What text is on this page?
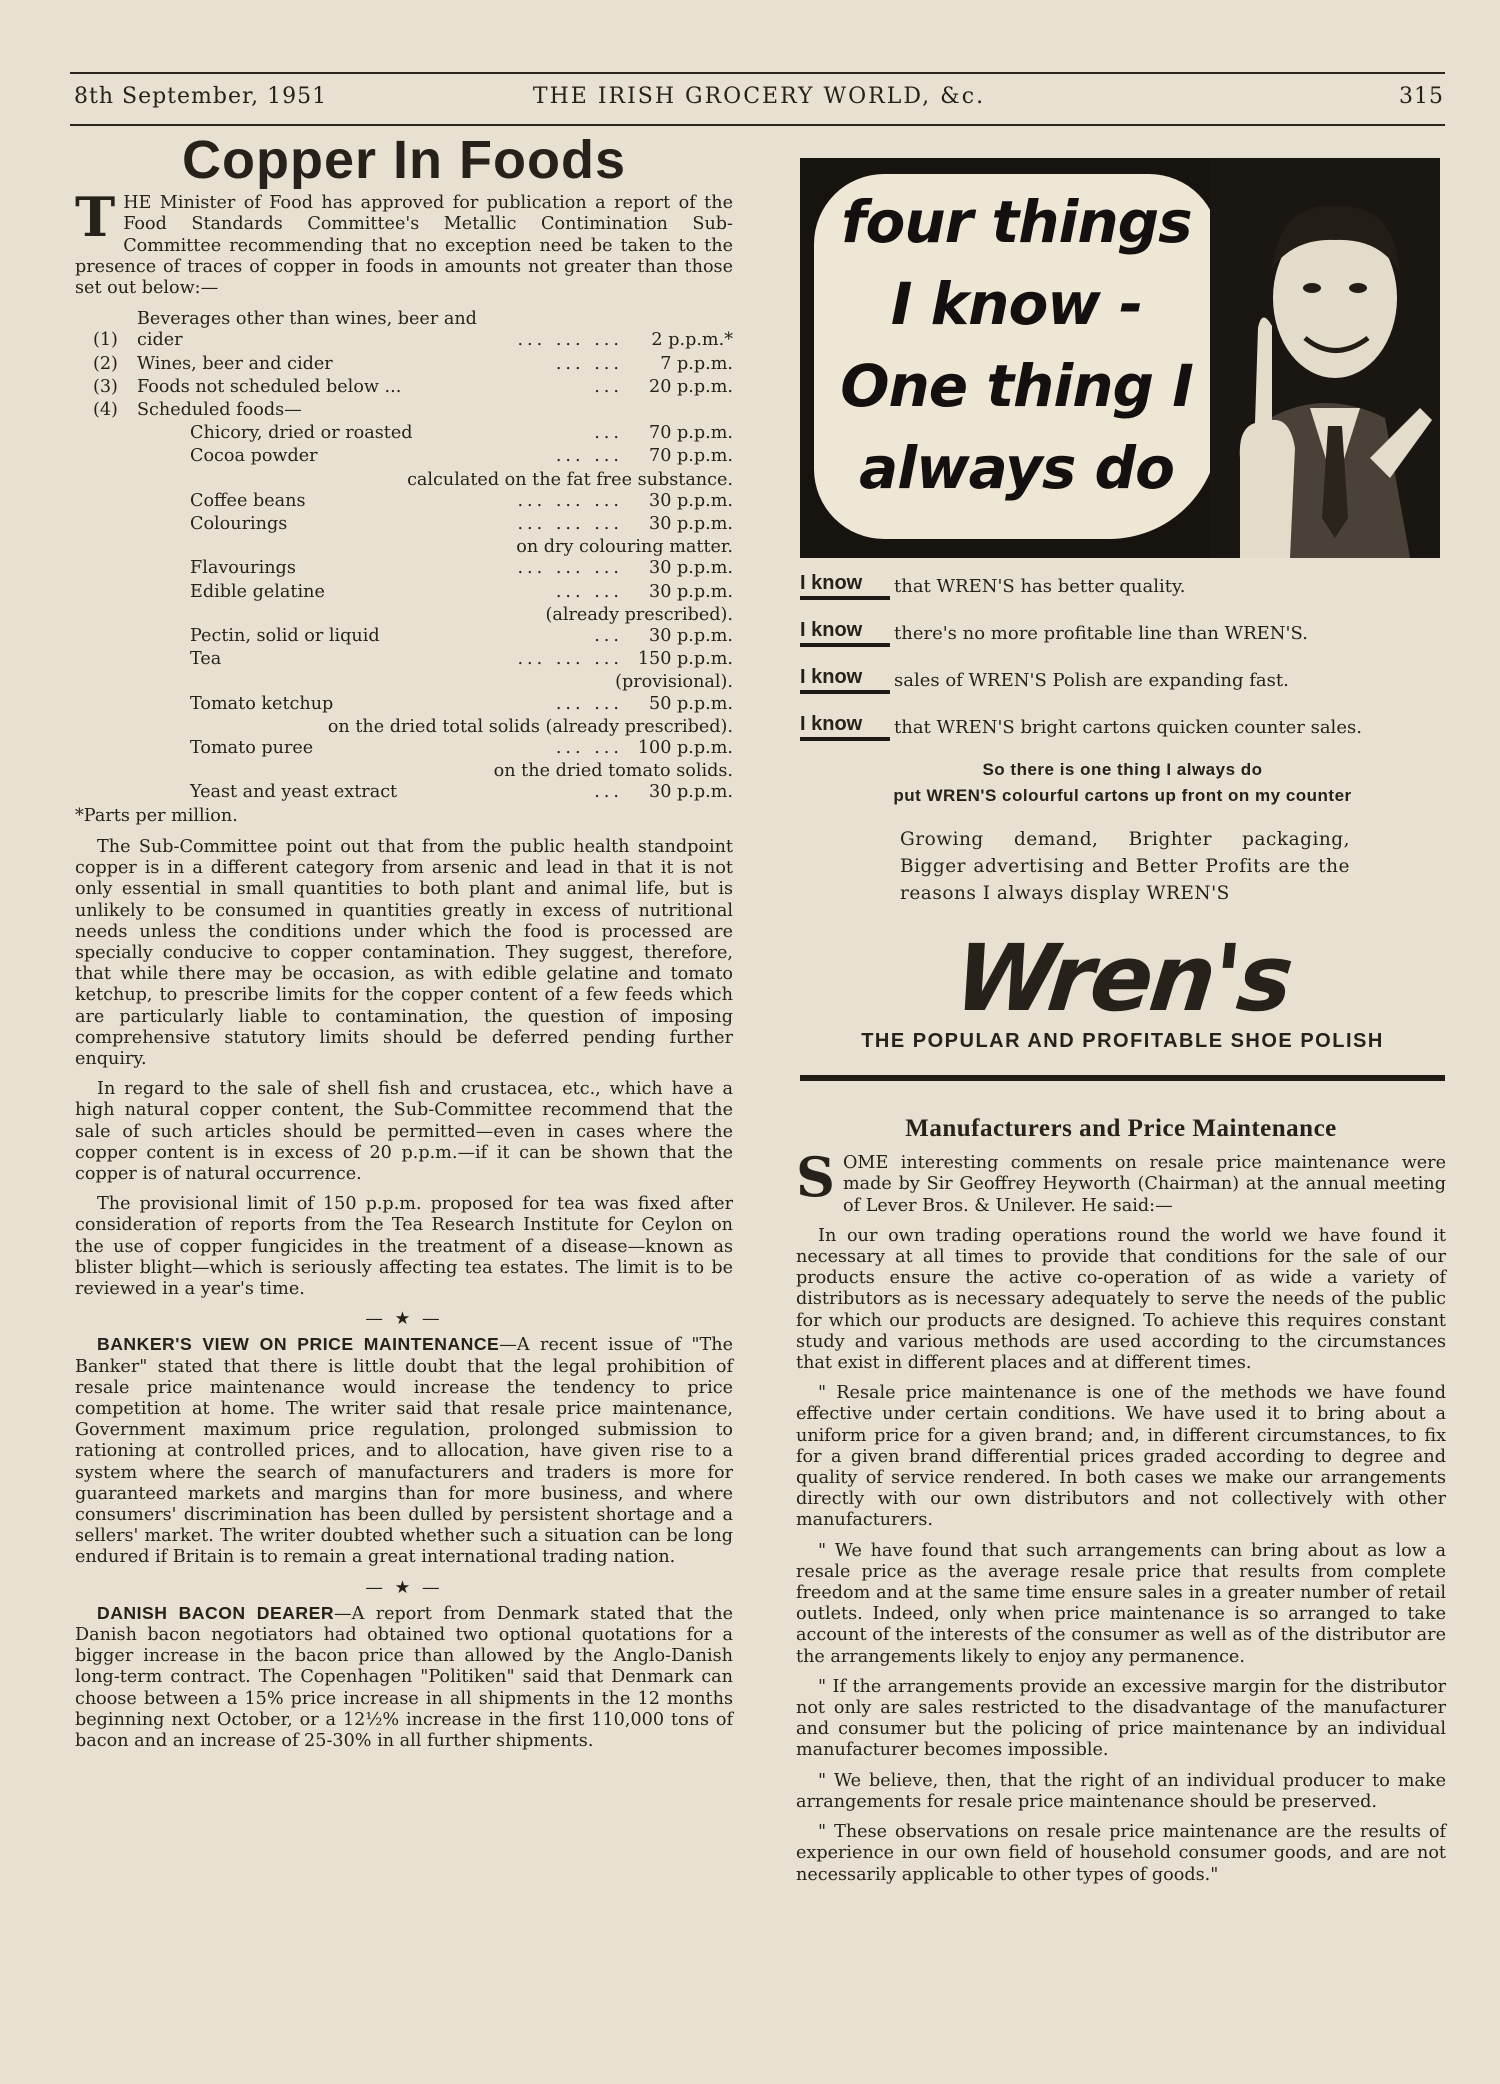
8th September, 1951	THE IRISH GROCERY WORLD, &c.	315
Copper In Foods

THE Minister of Food has approved for publication a report of the Food Standards Committee's Metallic Contimination Sub-Committee recommending that no exception need be taken to the presence of traces of copper in foods in amounts not greater than those set out below:—

(1)
Beverages other than wines, beer and cider	... ... ...	2 p.p.m.*
(2)	Wines, beer and cider	... ...	7 p.p.m.
(3)	Foods not scheduled below ...	...	20 p.p.m.
(4)	Scheduled foods—
Chicory, dried or roasted	...	70 p.p.m.
Cocoa powder	... ...	70 p.p.m.
calculated on the fat free substance.
Coffee beans	... ... ...	30 p.p.m.
Colourings	... ... ...	30 p.p.m.
on dry colouring matter.
Flavourings	... ... ...	30 p.p.m.
Edible gelatine	... ...	30 p.p.m.
(already prescribed).
Pectin, solid or liquid	...	30 p.p.m.
Tea	... ... ... 150 p.p.m.
(provisional).
Tomato ketchup	... ...	50 p.p.m.
on the dried total solids (already prescribed).
Tomato puree	... ... 100 p.p.m.
on the dried tomato solids.
Yeast and yeast extract	...	30 p.p.m.
*Parts per million.

The Sub-Committee point out that from the public health standpoint copper is in a different category from arsenic and lead in that it is not only essential in small quantities to both plant and animal life, but is unlikely to be consumed in quantities greatly in excess of nutritional needs unless the conditions under which the food is processed are specially conducive to copper contamination. They suggest, therefore, that while there may be occasion, as with edible gelatine and tomato ketchup, to prescribe limits for the copper content of a few feeds which are particularly liable to contamination, the question of imposing comprehensive statutory limits should be deferred pending further enquiry.

In regard to the sale of shell fish and crustacea, etc., which have a high natural copper content, the Sub-Committee recommend that the sale of such articles should be permitted—even in cases where the copper content is in excess of 20 p.p.m.—if it can be shown that the copper is of natural occurrence.

The provisional limit of 150 p.p.m. proposed for tea was fixed after consideration of reports from the Tea Research Institute for Ceylon on the use of copper fungicides in the treatment of a disease—known as blister blight—which is seriously affecting tea estates. The limit is to be reviewed in a year's time.

— ★ —

BANKER'S VIEW ON PRICE MAINTENANCE—A recent issue of "The Banker" stated that there is little doubt that the legal prohibition of resale price maintenance would increase the tendency to price competition at home. The writer said that resale price maintenance, Government maximum price regulation, prolonged submission to rationing at controlled prices, and to allocation, have given rise to a system where the search of manufacturers and traders is more for guaranteed markets and margins than for more business, and where consumers' discrimination has been dulled by persistent shortage and a sellers' market. The writer doubted whether such a situation can be long endured if Britain is to remain a great international trading nation.

— ★ —

DANISH BACON DEARER—A report from Denmark stated that the Danish bacon negotiators had obtained two optional quotations for a bigger increase in the bacon price than allowed by the Anglo-Danish long-term contract. The Copenhagen "Politiken" said that Denmark can choose between a 15% price increase in all shipments in the 12 months beginning next October, or a 12½% increase in the first 110,000 tons of bacon and an increase of 25-30% in all further shipments.

four things
I know -
One thing I
always do
I know	that WREN'S has better quality.
I know	there's no more profitable line than WREN'S.
I know	sales of WREN'S Polish are expanding fast.
I know	that WREN'S bright cartons quicken counter sales.
So there is one thing I always do
put WREN'S colourful cartons up front on my counter
Growing demand, Brighter packaging, Bigger advertising and Better Profits are the reasons I always display WREN'S
Wren's
THE POPULAR AND PROFITABLE SHOE POLISH
Manufacturers and Price Maintenance

SOME interesting comments on resale price maintenance were made by Sir Geoffrey Heyworth (Chairman) at the annual meeting of Lever Bros. & Unilever. He said:—

In our own trading operations round the world we have found it necessary at all times to provide that conditions for the sale of our products ensure the active co-operation of as wide a variety of distributors as is necessary adequately to serve the needs of the public for which our products are designed. To achieve this requires constant study and various methods are used according to the circumstances that exist in different places and at different times.

" Resale price maintenance is one of the methods we have found effective under certain conditions. We have used it to bring about a uniform price for a given brand; and, in different circumstances, to fix for a given brand differential prices graded according to degree and quality of service rendered. In both cases we make our arrangements directly with our own distributors and not collectively with other manufacturers.

" We have found that such arrangements can bring about as low a resale price as the average resale price that results from complete freedom and at the same time ensure sales in a greater number of retail outlets. Indeed, only when price maintenance is so arranged to take account of the interests of the consumer as well as of the distributor are the arrangements likely to enjoy any permanence.

" If the arrangements provide an excessive margin for the distributor not only are sales restricted to the disadvantage of the manufacturer and consumer but the policing of price maintenance by an individual manufacturer becomes impossible.

" We believe, then, that the right of an individual producer to make arrangements for resale price maintenance should be preserved.

" These observations on resale price maintenance are the results of experience in our own field of household consumer goods, and are not necessarily applicable to other types of goods."
